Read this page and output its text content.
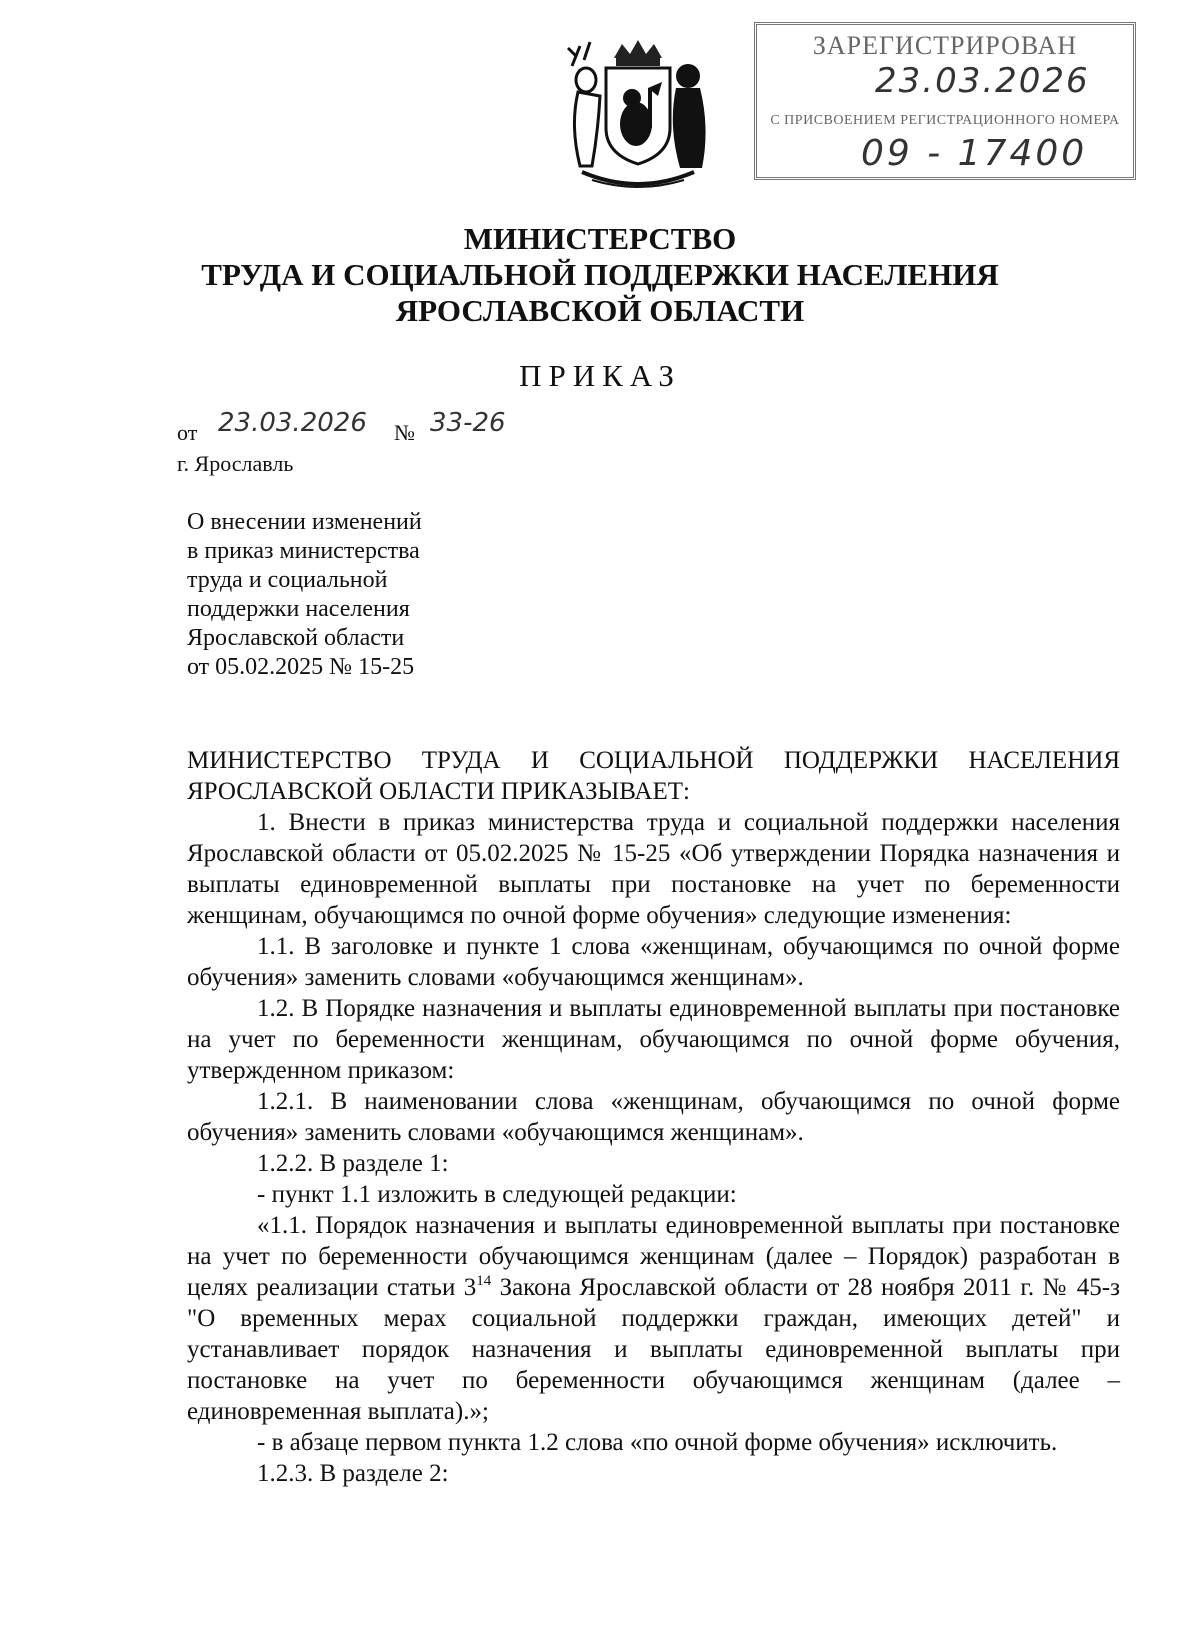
ЗАРЕГИСТРИРОВАН
23.03.2026
С ПРИСВОЕНИЕМ РЕГИСТРАЦИОННОГО НОМЕРА
09 - 17400
МИНИСТЕРСТВО
ТРУДА И СОЦИАЛЬНОЙ ПОДДЕРЖКИ НАСЕЛЕНИЯ
ЯРОСЛАВСКОЙ ОБЛАСТИ
ПРИКАЗ
от 23.03.2026 № 33-26
г. Ярославль
О внесении изменений
в приказ министерства
труда и социальной
поддержки населения
Ярославской области
от 05.02.2025 № 15-25

МИНИСТЕРСТВО ТРУДА И СОЦИАЛЬНОЙ ПОДДЕРЖКИ НАСЕЛЕНИЯ ЯРОСЛАВСКОЙ ОБЛАСТИ ПРИКАЗЫВАЕТ:

1. Внести в приказ министерства труда и социальной поддержки населения Ярославской области от 05.02.2025 № 15-25 «Об утверждении Порядка назначения и выплаты единовременной выплаты при постановке на учет по беременности женщинам, обучающимся по очной форме обучения» следующие изменения:

1.1. В заголовке и пункте 1 слова «женщинам, обучающимся по очной форме обучения» заменить словами «обучающимся женщинам».

1.2. В Порядке назначения и выплаты единовременной выплаты при постановке на учет по беременности женщинам, обучающимся по очной форме обучения, утвержденном приказом:

1.2.1. В наименовании слова «женщинам, обучающимся по очной форме обучения» заменить словами «обучающимся женщинам».

1.2.2. В разделе 1:

- пункт 1.1 изложить в следующей редакции:

«1.1. Порядок назначения и выплаты единовременной выплаты при постановке на учет по беременности обучающимся женщинам (далее – Порядок) разработан в целях реализации статьи $3^{14}$ Закона Ярославской области от 28 ноября 2011 г. № 45-з "О временных мерах социальной поддержки граждан, имеющих детей" и устанавливает порядок назначения и выплаты единовременной выплаты при постановке на учет по беременности обучающимся женщинам (далее – единовременная выплата).»;

- в абзаце первом пункта 1.2 слова «по очной форме обучения» исключить.

1.2.3. В разделе 2:
